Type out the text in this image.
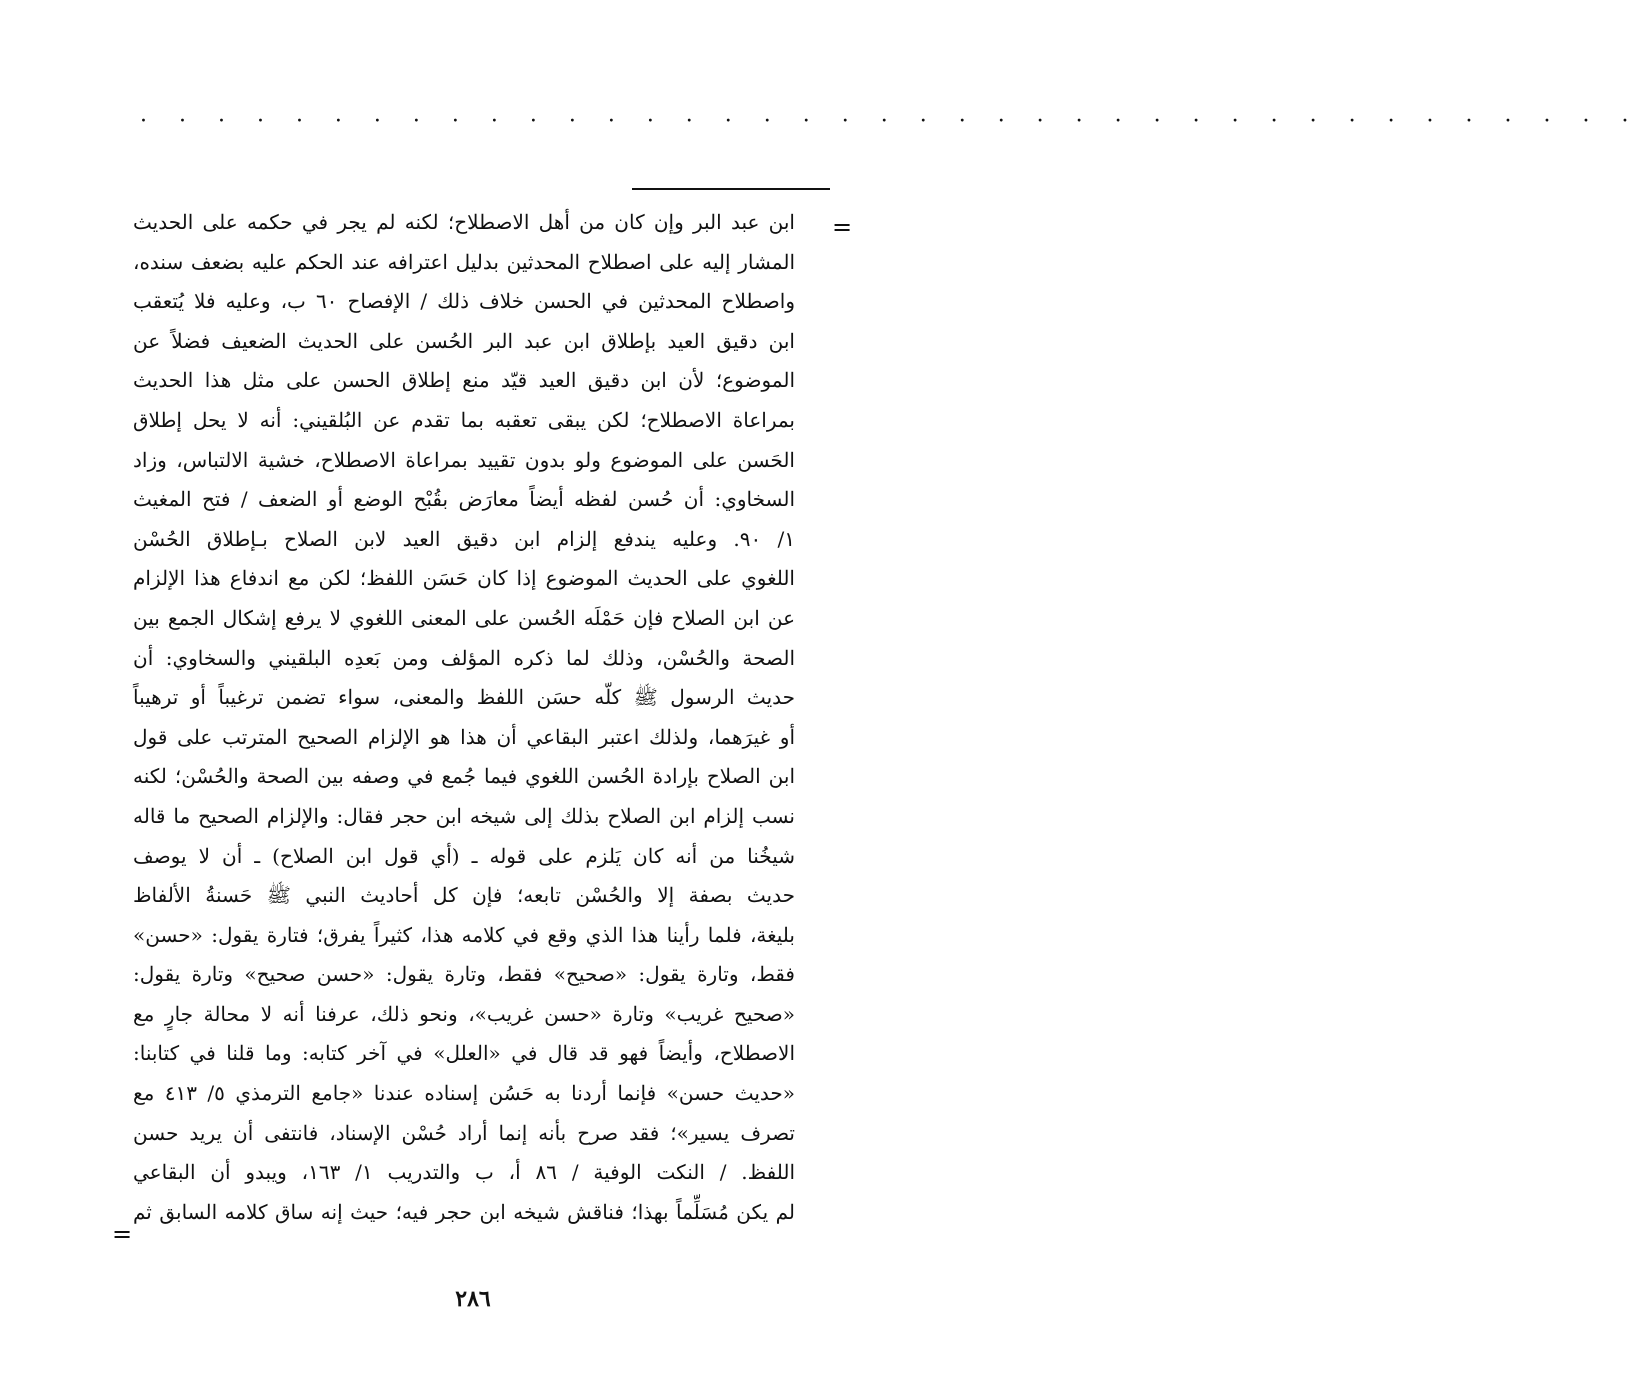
· · · · · · · · · · · · · · · · · · · · · · · · · · · · · · · · · · · · · · ·
=
ابن عبد البر وإن كان من أهل الاصطلاح؛ لكنه لم يجر في حكمه على الحديث
المشار إليه على اصطلاح المحدثين بدليل اعترافه عند الحكم عليه بضعف سنده،
واصطلاح المحدثين في الحسن خلاف ذلك / الإفصاح ٦٠ ب، وعليه فلا يُتعقب
ابن دقيق العيد بإطلاق ابن عبد البر الحُسن على الحديث الضعيف فضلاً عن
الموضوع؛ لأن ابن دقيق العيد قيّد منع إطلاق الحسن على مثل هذا الحديث
بمراعاة الاصطلاح؛ لكن يبقى تعقبه بما تقدم عن البُلقيني: أنه لا يحل إطلاق
الحَسن على الموضوع ولو بدون تقييد بمراعاة الاصطلاح، خشية الالتباس، وزاد
السخاوي: أن حُسن لفظه أيضاً معارَض بقُبْح الوضع أو الضعف / فتح المغيث
١/ ٩٠. وعليه يندفع إلزام ابن دقيق العيد لابن الصلاح بـإطلاق الحُسْن
اللغوي على الحديث الموضوع إذا كان حَسَن اللفظ؛ لكن مع اندفاع هذا الإلزام
عن ابن الصلاح فإن حَمْلَه الحُسن على المعنى اللغوي لا يرفع إشكال الجمع بين
الصحة والحُسْن، وذلك لما ذكره المؤلف ومن بَعدِه البلقيني والسخاوي: أن
حديث الرسول ﷺ كلّه حسَن اللفظ والمعنى، سواء تضمن ترغيباً أو ترهيباً
أو غيرَهما، ولذلك اعتبر البقاعي أن هذا هو الإلزام الصحيح المترتب على قول
ابن الصلاح بإرادة الحُسن اللغوي فيما جُمع في وصفه بين الصحة والحُسْن؛ لكنه
نسب إلزام ابن الصلاح بذلك إلى شيخه ابن حجر فقال: والإلزام الصحيح ما قاله
شيخُنا من أنه كان يَلزم على قوله ـ (أي قول ابن الصلاح) ـ أن لا يوصف
حديث بصفة إلا والحُسْن تابعه؛ فإن كل أحاديث النبي ﷺ حَسنةُ الألفاظ
بليغة، فلما رأينا هذا الذي وقع في كلامه هذا، كثيراً يفرق؛ فتارة يقول: «حسن»
فقط، وتارة يقول: «صحيح» فقط، وتارة يقول: «حسن صحيح» وتارة يقول:
«صحيح غريب» وتارة «حسن غريب»، ونحو ذلك، عرفنا أنه لا محالة جارٍ مع
الاصطلاح، وأيضاً فهو قد قال في «العلل» في آخر كتابه: وما قلنا في كتابنا:
«حديث حسن» فإنما أردنا به حَسُن إسناده عندنا «جامع الترمذي ٥/ ٤١٣ مع
تصرف يسير»؛ فقد صرح بأنه إنما أراد حُسْن الإسناد، فانتفى أن يريد حسن
اللفظ. / النكت الوفية / ٨٦ أ، ب والتدريب ١/ ١٦٣، ويبدو أن البقاعي
لم يكن مُسَلِّماً بهذا؛ فناقش شيخه ابن حجر فيه؛ حيث إنه ساق كلامه السابق ثم
=
٢٨٦
